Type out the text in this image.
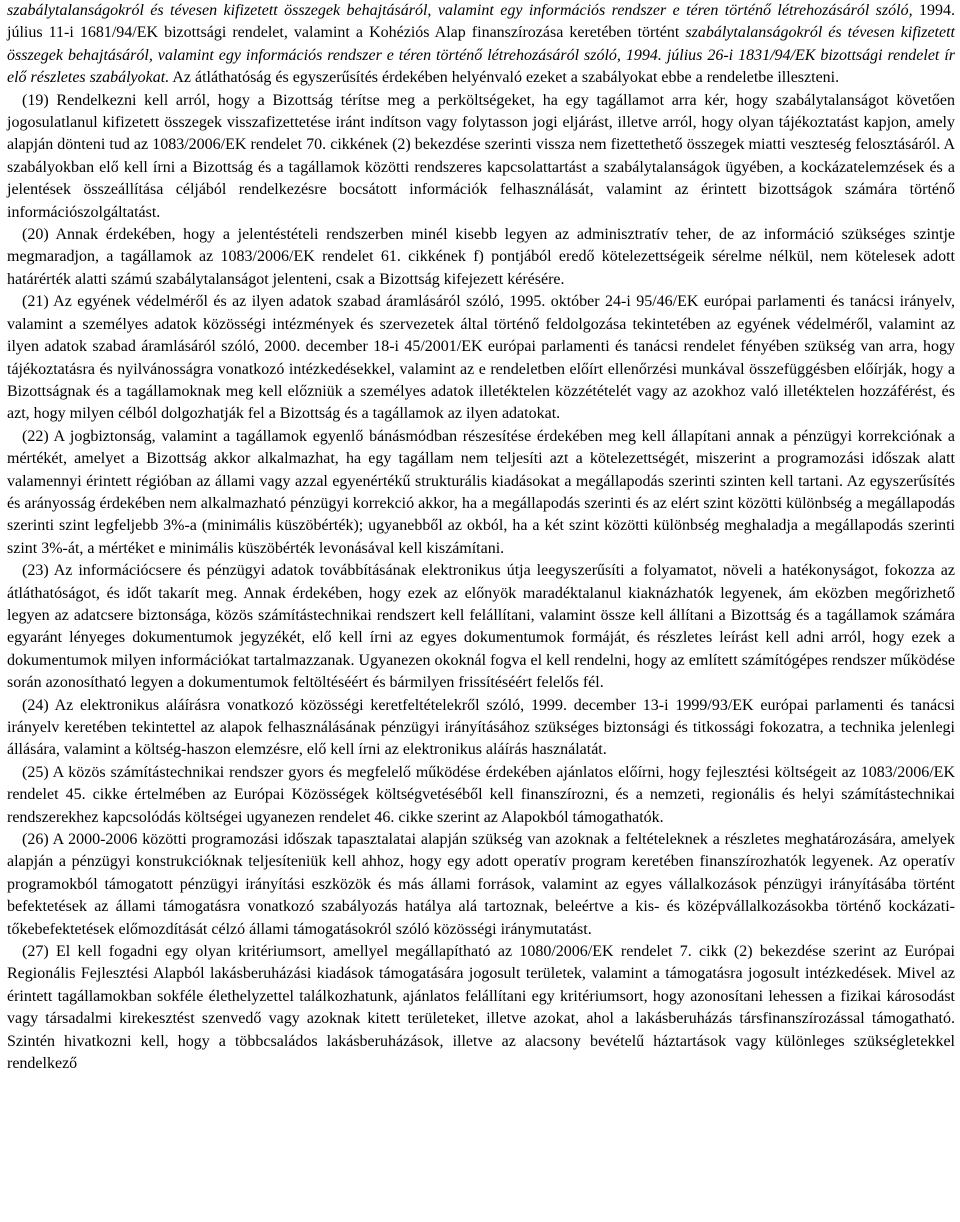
szabálytalanságokról és tévesen kifizetett összegek behajtásáról, valamint egy információs rendszer e téren történő létrehozásáról szóló, 1994. július 11-i 1681/94/EK bizottsági rendelet, valamint a Kohéziós Alap finanszírozása keretében történt szabálytalanságokról és tévesen kifizetett összegek behajtásáról, valamint egy információs rendszer e téren történő létrehozásáról szóló, 1994. július 26-i 1831/94/EK bizottsági rendelet ír elő részletes szabályokat. Az átláthatóság és egyszerűsítés érdekében helyénvaló ezeket a szabályokat ebbe a rendeletbe illeszteni.

(19) Rendelkezni kell arról, hogy a Bizottság térítse meg a perköltségeket, ha egy tagállamot arra kér, hogy szabálytalanságot követően jogosulatlanul kifizetett összegek visszafizettetése iránt indítson vagy folytasson jogi eljárást, illetve arról, hogy olyan tájékoztatást kapjon, amely alapján dönteni tud az 1083/2006/EK rendelet 70. cikkének (2) bekezdése szerinti vissza nem fizettethető összegek miatti veszteség felosztásáról. A szabályokban elő kell írni a Bizottság és a tagállamok közötti rendszeres kapcsolattartást a szabálytalanságok ügyében, a kockázatelemzések és a jelentések összeállítása céljából rendelkezésre bocsátott információk felhasználását, valamint az érintett bizottságok számára történő információszolgáltatást.

(20) Annak érdekében, hogy a jelentéstételi rendszerben minél kisebb legyen az adminisztratív teher, de az információ szükséges szintje megmaradjon, a tagállamok az 1083/2006/EK rendelet 61. cikkének f) pontjából eredő kötelezettségeik sérelme nélkül, nem kötelesek adott határérték alatti számú szabálytalanságot jelenteni, csak a Bizottság kifejezett kérésére.

(21) Az egyének védelméről és az ilyen adatok szabad áramlásáról szóló, 1995. október 24-i 95/46/EK európai parlamenti és tanácsi irányelv, valamint a személyes adatok közösségi intézmények és szervezetek által történő feldolgozása tekintetében az egyének védelméről, valamint az ilyen adatok szabad áramlásáról szóló, 2000. december 18-i 45/2001/EK európai parlamenti és tanácsi rendelet fényében szükség van arra, hogy tájékoztatásra és nyilvánosságra vonatkozó intézkedésekkel, valamint az e rendeletben előírt ellenőrzési munkával összefüggésben előírják, hogy a Bizottságnak és a tagállamoknak meg kell előzniük a személyes adatok illetéktelen közzétételét vagy az azokhoz való illetéktelen hozzáférést, és azt, hogy milyen célból dolgozhatják fel a Bizottság és a tagállamok az ilyen adatokat.

(22) A jogbiztonság, valamint a tagállamok egyenlő bánásmódban részesítése érdekében meg kell állapítani annak a pénzügyi korrekciónak a mértékét, amelyet a Bizottság akkor alkalmazhat, ha egy tagállam nem teljesíti azt a kötelezettségét, miszerint a programozási időszak alatt valamennyi érintett régióban az állami vagy azzal egyenértékű strukturális kiadásokat a megállapodás szerinti szinten kell tartani. Az egyszerűsítés és arányosság érdekében nem alkalmazható pénzügyi korrekció akkor, ha a megállapodás szerinti és az elért szint közötti különbség a megállapodás szerinti szint legfeljebb 3%-a (minimális küszöbérték); ugyanebből az okból, ha a két szint közötti különbség meghaladja a megállapodás szerinti szint 3%-át, a mértéket e minimális küszöbérték levonásával kell kiszámítani.

(23) Az információcsere és pénzügyi adatok továbbításának elektronikus útja leegyszerűsíti a folyamatot, növeli a hatékonyságot, fokozza az átláthatóságot, és időt takarít meg. Annak érdekében, hogy ezek az előnyök maradéktalanul kiaknázhatók legyenek, ám eközben megőrizhető legyen az adatcsere biztonsága, közös számítástechnikai rendszert kell felállítani, valamint össze kell állítani a Bizottság és a tagállamok számára egyaránt lényeges dokumentumok jegyzékét, elő kell írni az egyes dokumentumok formáját, és részletes leírást kell adni arról, hogy ezek a dokumentumok milyen információkat tartalmazzanak. Ugyanezen okoknál fogva el kell rendelni, hogy az említett számítógépes rendszer működése során azonosítható legyen a dokumentumok feltöltéséért és bármilyen frissítéséért felelős fél.

(24) Az elektronikus aláírásra vonatkozó közösségi keretfeltételekről szóló, 1999. december 13-i 1999/93/EK európai parlamenti és tanácsi irányelv keretében tekintettel az alapok felhasználásának pénzügyi irányításához szükséges biztonsági és titkossági fokozatra, a technika jelenlegi állására, valamint a költség-haszon elemzésre, elő kell írni az elektronikus aláírás használatát.

(25) A közös számítástechnikai rendszer gyors és megfelelő működése érdekében ajánlatos előírni, hogy fejlesztési költségeit az 1083/2006/EK rendelet 45. cikke értelmében az Európai Közösségek költségvetéséből kell finanszírozni, és a nemzeti, regionális és helyi számítástechnikai rendszerekhez kapcsolódás költségei ugyanezen rendelet 46. cikke szerint az Alapokból támogathatók.

(26) A 2000-2006 közötti programozási időszak tapasztalatai alapján szükség van azoknak a feltételeknek a részletes meghatározására, amelyek alapján a pénzügyi konstrukcióknak teljesíteniük kell ahhoz, hogy egy adott operatív program keretében finanszírozhatók legyenek. Az operatív programokból támogatott pénzügyi irányítási eszközök és más állami források, valamint az egyes vállalkozások pénzügyi irányításába történt befektetések az állami támogatásra vonatkozó szabályozás hatálya alá tartoznak, beleértve a kis- és középvállalkozásokba történő kockázati-tőkebefektetések előmozdítását célzó állami támogatásokról szóló közösségi iránymutatást.

(27) El kell fogadni egy olyan kritériumsort, amellyel megállapítható az 1080/2006/EK rendelet 7. cikk (2) bekezdése szerint az Európai Regionális Fejlesztési Alapból lakásberuházási kiadások támogatására jogosult területek, valamint a támogatásra jogosult intézkedések. Mivel az érintett tagállamokban sokféle élethelyzettel találkozhatunk, ajánlatos felállítani egy kritériumsort, hogy azonosítani lehessen a fizikai károsodást vagy társadalmi kirekesztést szenvedő vagy azoknak kitett területeket, illetve azokat, ahol a lakásberuházás társfinanszírozással támogatható. Szintén hivatkozni kell, hogy a többcsaládos lakásberuházások, illetve az alacsony bevételű háztartások vagy különleges szükségletekkel rendelkező
